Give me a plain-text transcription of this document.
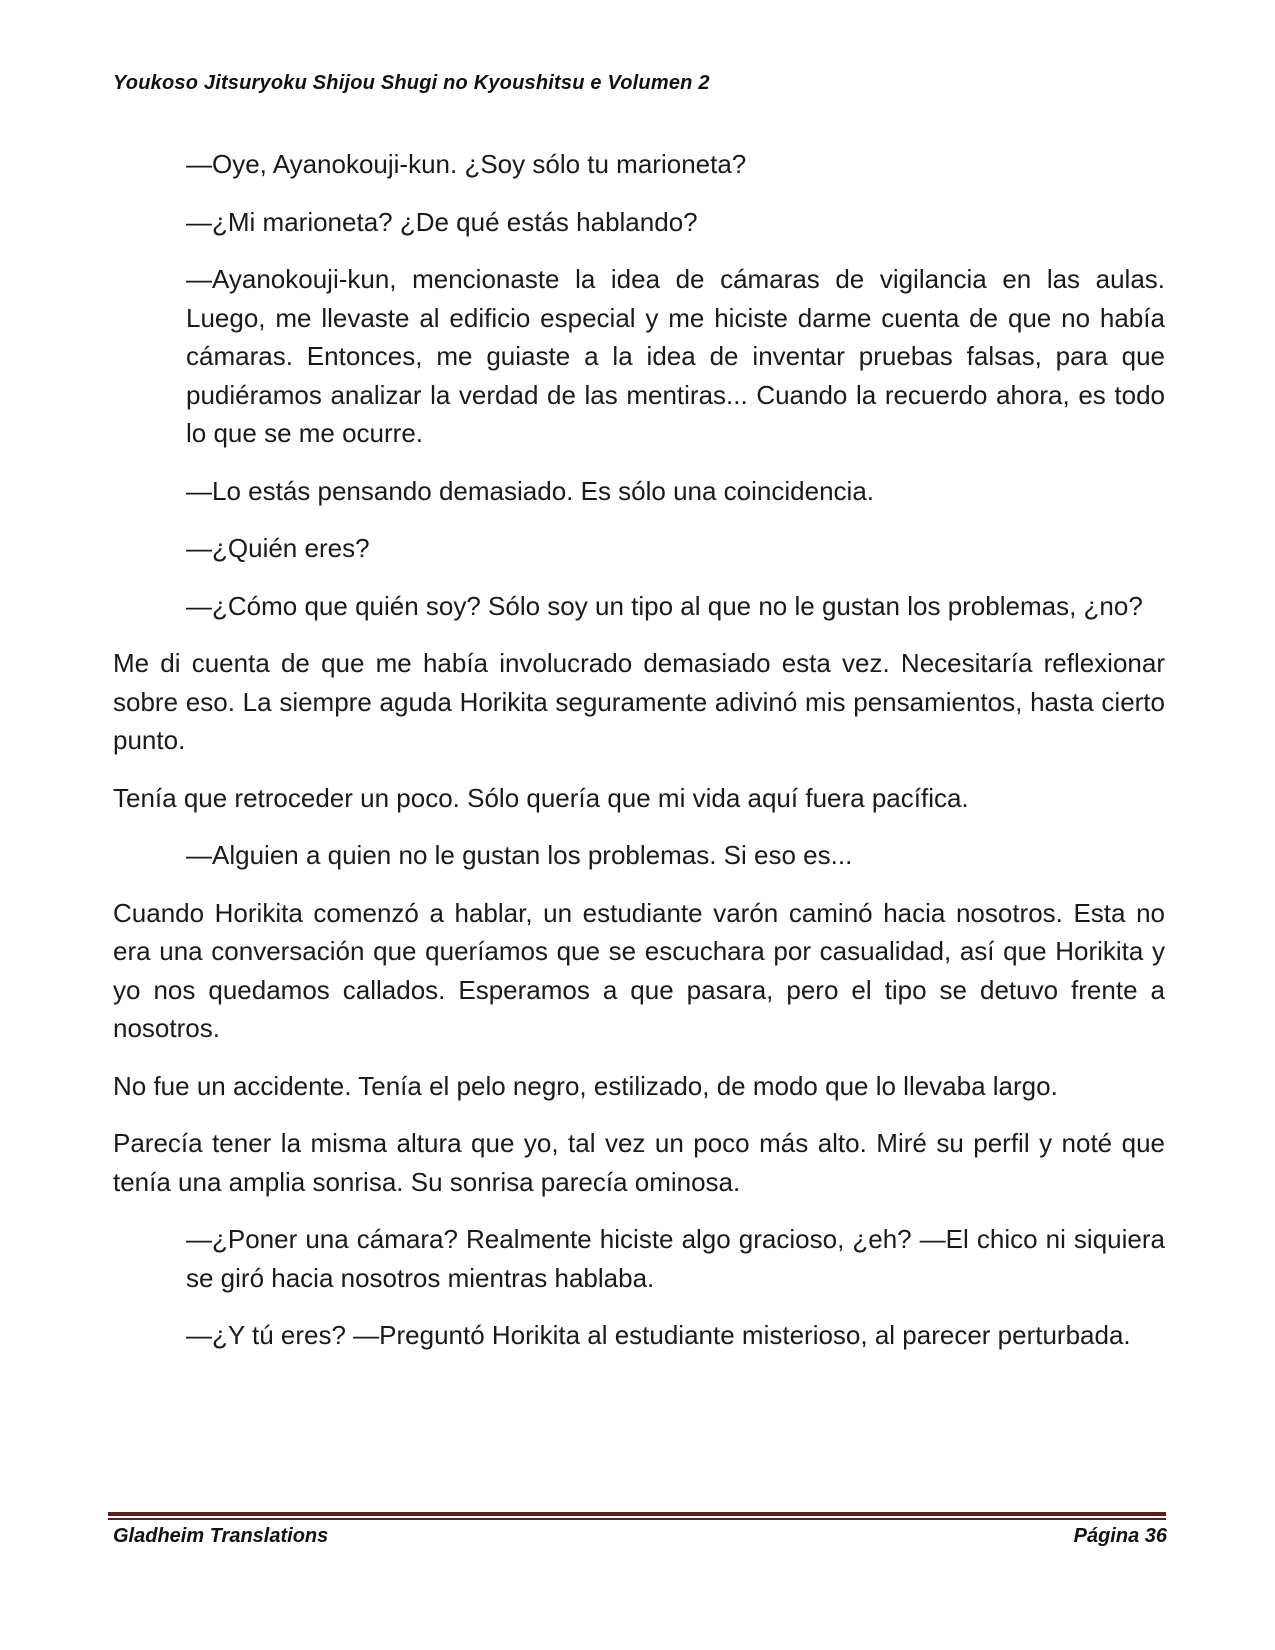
Youkoso Jitsuryoku Shijou Shugi no Kyoushitsu e Volumen 2

—Oye, Ayanokouji-kun. ¿Soy sólo tu marioneta?

—¿Mi marioneta? ¿De qué estás hablando?

—Ayanokouji-kun, mencionaste la idea de cámaras de vigilancia en las aulas. Luego, me llevaste al edificio especial y me hiciste darme cuenta de que no había cámaras. Entonces, me guiaste a la idea de inventar pruebas falsas, para que pudiéramos analizar la verdad de las mentiras... Cuando la recuerdo ahora, es todo lo que se me ocurre.

—Lo estás pensando demasiado. Es sólo una coincidencia.

—¿Quién eres?

—¿Cómo que quién soy? Sólo soy un tipo al que no le gustan los problemas, ¿no?

Me di cuenta de que me había involucrado demasiado esta vez. Necesitaría reflexionar sobre eso. La siempre aguda Horikita seguramente adivinó mis pensamientos, hasta cierto punto.

Tenía que retroceder un poco. Sólo quería que mi vida aquí fuera pacífica.

—Alguien a quien no le gustan los problemas. Si eso es...

Cuando Horikita comenzó a hablar, un estudiante varón caminó hacia nosotros. Esta no era una conversación que queríamos que se escuchara por casualidad, así que Horikita y yo nos quedamos callados. Esperamos a que pasara, pero el tipo se detuvo frente a nosotros.

No fue un accidente. Tenía el pelo negro, estilizado, de modo que lo llevaba largo.

Parecía tener la misma altura que yo, tal vez un poco más alto. Miré su perfil y noté que tenía una amplia sonrisa. Su sonrisa parecía ominosa.

—¿Poner una cámara? Realmente hiciste algo gracioso, ¿eh? —El chico ni siquiera se giró hacia nosotros mientras hablaba.

—¿Y tú eres? —Preguntó Horikita al estudiante misterioso, al parecer perturbada.

Gladheim Translations	Página 36
